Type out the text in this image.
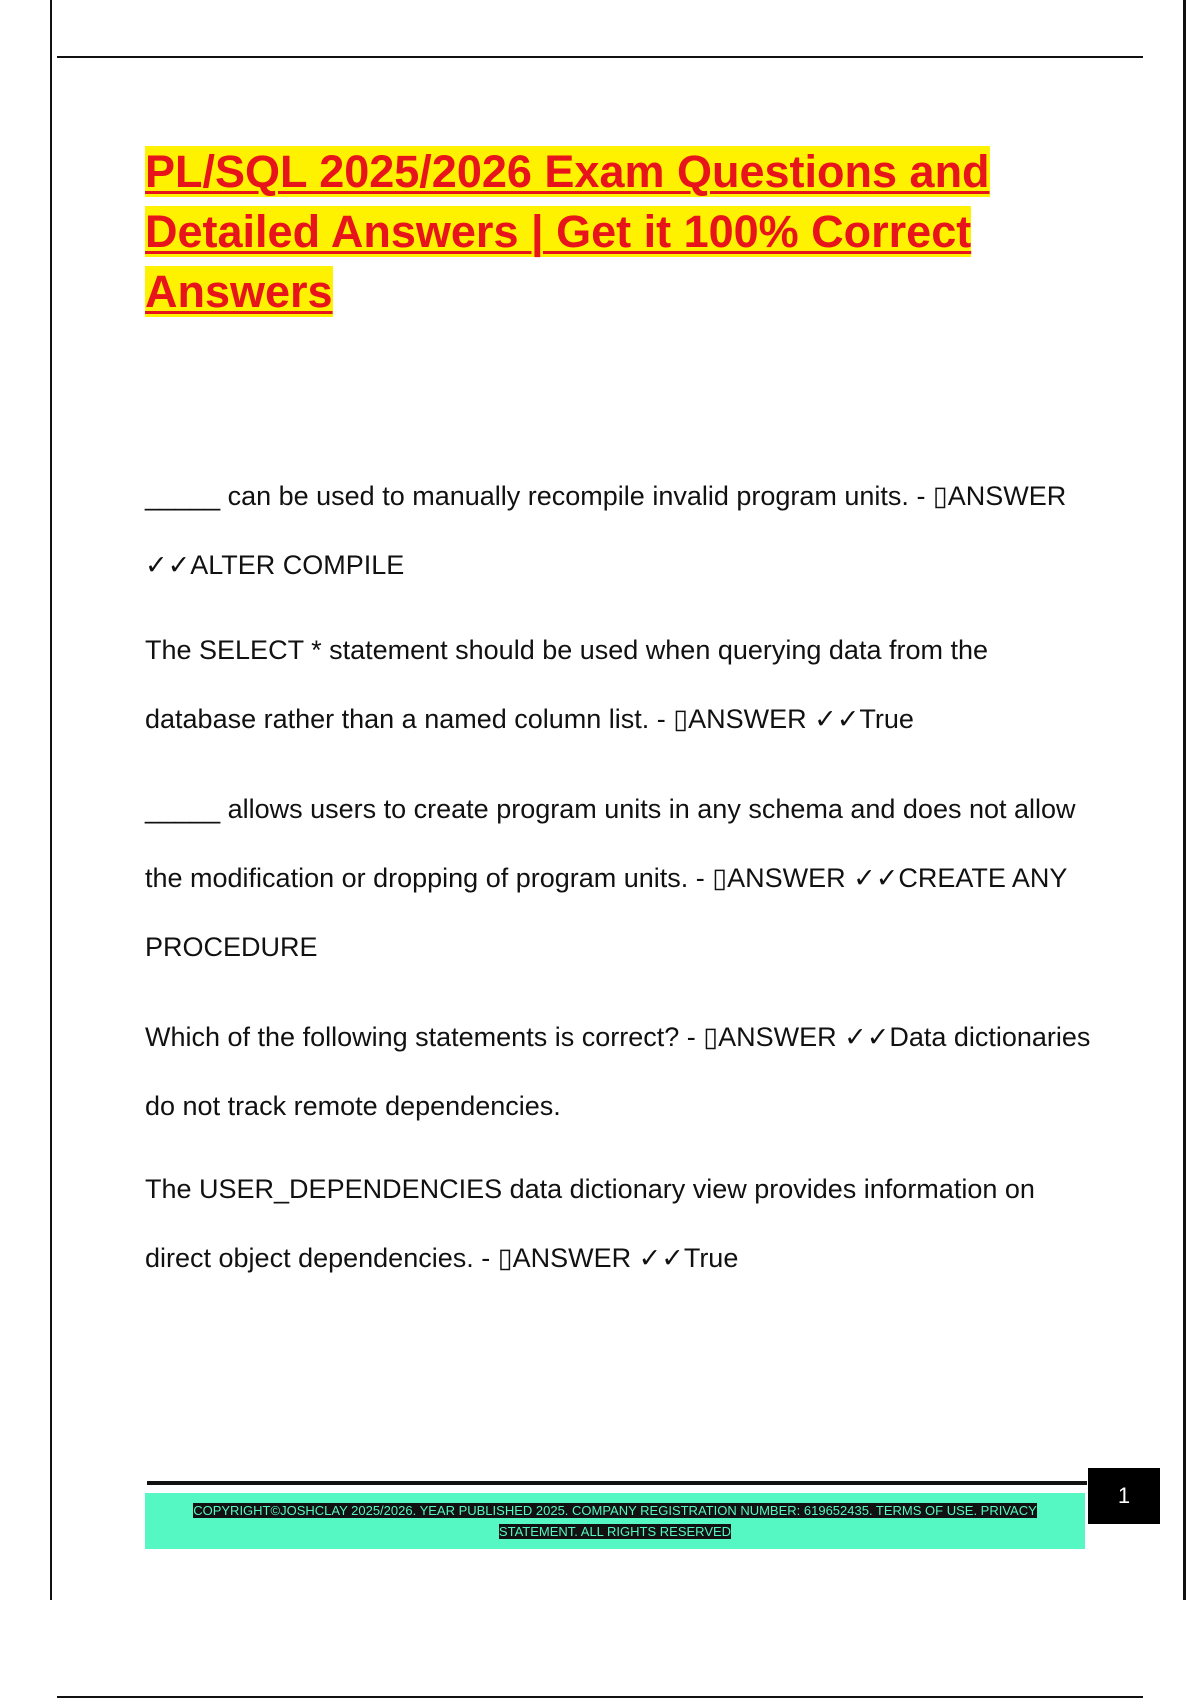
PL/SQL 2025/2026 Exam Questions and Detailed Answers | Get it 100% Correct Answers

_____ can be used to manually recompile invalid program units. - ▯ANSWER ✓✓ALTER COMPILE

The SELECT * statement should be used when querying data from the database rather than a named column list. - ▯ANSWER ✓✓True

_____ allows users to create program units in any schema and does not allow the modification or dropping of program units. - ▯ANSWER ✓✓CREATE ANY PROCEDURE

Which of the following statements is correct? - ▯ANSWER ✓✓Data dictionaries do not track remote dependencies.

The USER_DEPENDENCIES data dictionary view provides information on direct object dependencies. - ▯ANSWER ✓✓True

COPYRIGHT©JOSHCLAY 2025/2026. YEAR PUBLISHED 2025. COMPANY REGISTRATION NUMBER: 619652435. TERMS OF USE. PRIVACY STATEMENT. ALL RIGHTS RESERVED

1
